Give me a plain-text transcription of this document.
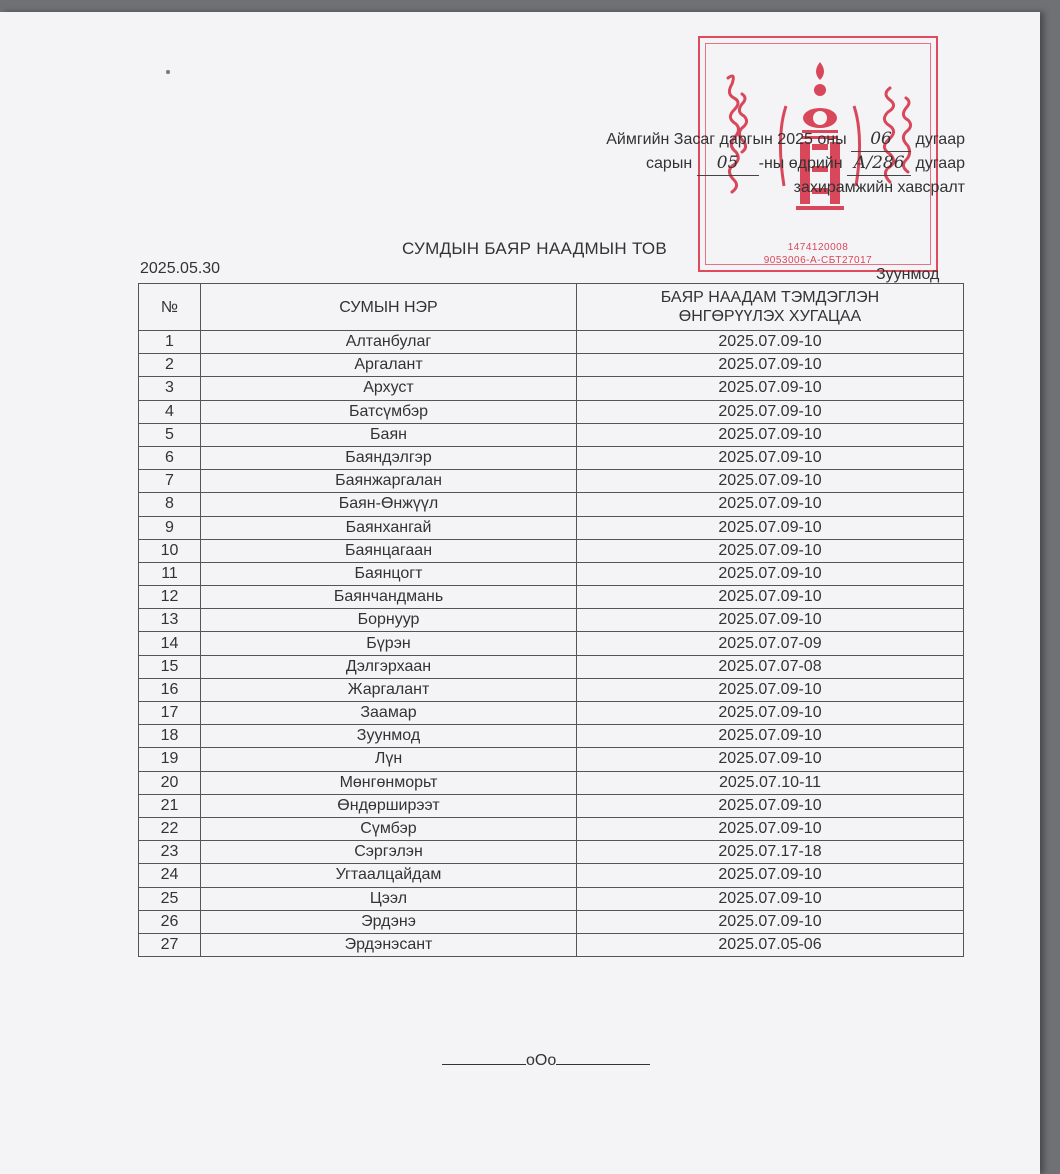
1474120008
9053006-А-СБТ27017
Аймгийн Засаг даргын 2025 оны 06 дугаар
сарын 05 -ны өдрийн А/286 дугаар
захирамжийн хавсралт
СУМДЫН БАЯР НААДМЫН ТОВ
2025.05.30	Зуунмод
№	СУМЫН НЭР	БАЯР НААДАМ ТЭМДЭГЛЭН
ӨНГӨРҮҮЛЭХ ХУГАЦАА
1	Алтанбулаг	2025.07.09-10
2	Аргалант	2025.07.09-10
3	Архуст	2025.07.09-10
4	Батсүмбэр	2025.07.09-10
5	Баян	2025.07.09-10
6	Баяндэлгэр	2025.07.09-10
7	Баянжаргалан	2025.07.09-10
8	Баян-Өнжүүл	2025.07.09-10
9	Баянхангай	2025.07.09-10
10	Баянцагаан	2025.07.09-10
11	Баянцогт	2025.07.09-10
12	Баянчандмань	2025.07.09-10
13	Борнуур	2025.07.09-10
14	Бүрэн	2025.07.07-09
15	Дэлгэрхаан	2025.07.07-08
16	Жаргалант	2025.07.09-10
17	Заамар	2025.07.09-10
18	Зуунмод	2025.07.09-10
19	Лүн	2025.07.09-10
20	Мөнгөнморьт	2025.07.10-11
21	Өндөрширээт	2025.07.09-10
22	Сүмбэр	2025.07.09-10
23	Сэргэлэн	2025.07.17-18
24	Угтаалцайдам	2025.07.09-10
25	Цээл	2025.07.09-10
26	Эрдэнэ	2025.07.09-10
27	Эрдэнэсант	2025.07.05-06
oOo
